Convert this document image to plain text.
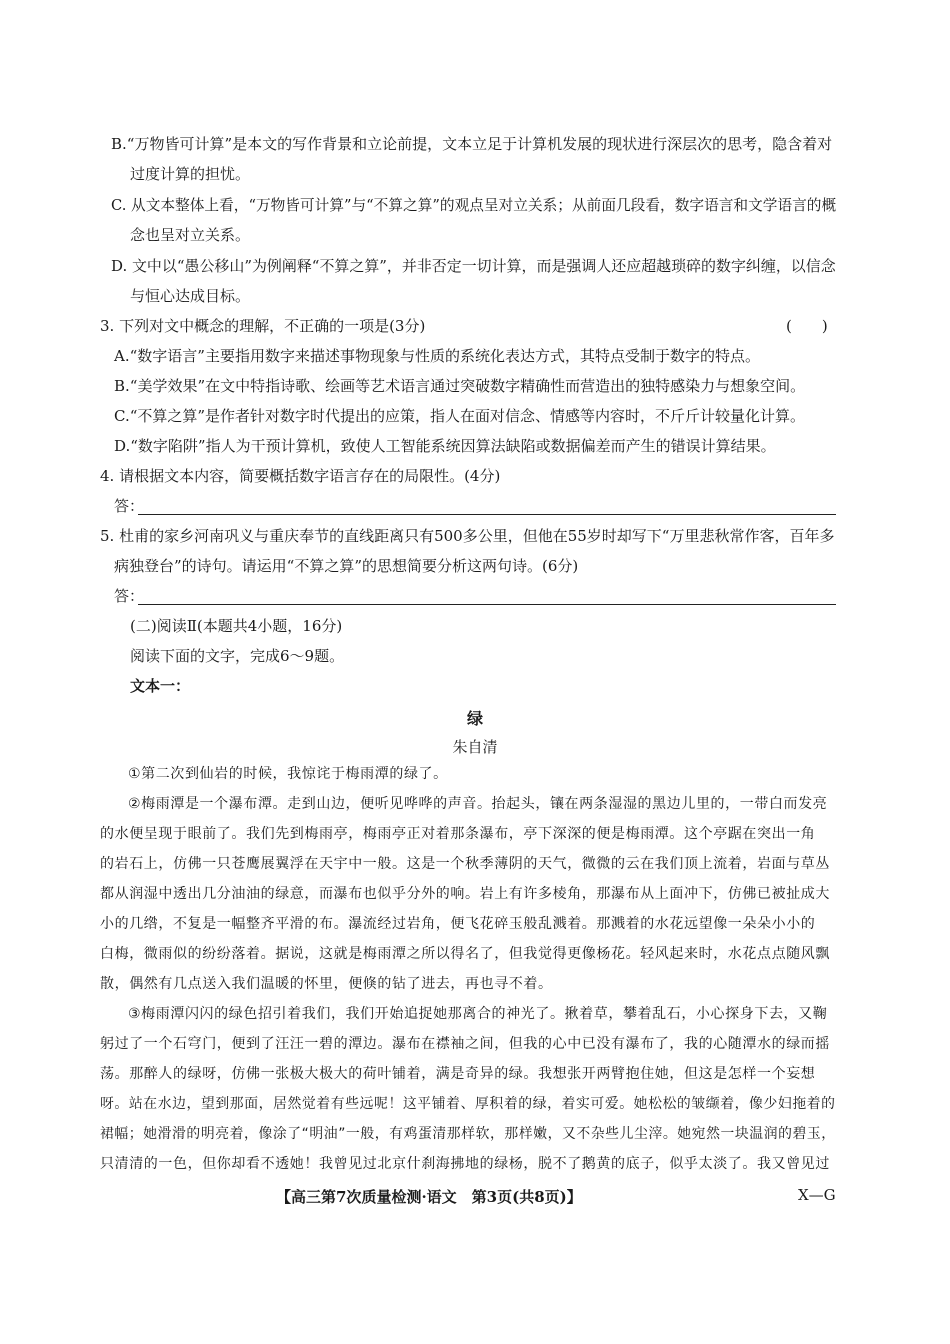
B.“万物皆可计算”是本文的写作背景和立论前提，文本立足于计算机发展的现状进行深层次的思考，隐含着对
过度计算的担忧。
C. 从文本整体上看，“万物皆可计算”与“不算之算”的观点呈对立关系；从前面几段看，数字语言和文学语言的概
念也呈对立关系。
D. 文中以“愚公移山”为例阐释“不算之算”，并非否定一切计算，而是强调人还应超越琐碎的数字纠缠，以信念
与恒心达成目标。
3. 下列对文中概念的理解，不正确的一项是(3分)	(　　)
A.“数字语言”主要指用数字来描述事物现象与性质的系统化表达方式，其特点受制于数字的特点。
B.“美学效果”在文中特指诗歌、绘画等艺术语言通过突破数字精确性而营造出的独特感染力与想象空间。
C.“不算之算”是作者针对数字时代提出的应策，指人在面对信念、情感等内容时，不斤斤计较量化计算。
D.“数字陷阱”指人为干预计算机，致使人工智能系统因算法缺陷或数据偏差而产生的错误计算结果。
4. 请根据文本内容，简要概括数字语言存在的局限性。(4分)
答：
5. 杜甫的家乡河南巩义与重庆奉节的直线距离只有500多公里，但他在55岁时却写下“万里悲秋常作客，百年多
病独登台”的诗句。请运用“不算之算”的思想简要分析这两句诗。(6分)
答：
(二)阅读Ⅱ(本题共4小题，16分)
阅读下面的文字，完成6～9题。
文本一：
绿
朱自清
①第二次到仙岩的时候，我惊诧于梅雨潭的绿了。
②梅雨潭是一个瀑布潭。走到山边，便听见哗哗的声音。抬起头，镶在两条湿湿的黑边儿里的，一带白而发亮
的水便呈现于眼前了。我们先到梅雨亭，梅雨亭正对着那条瀑布，亭下深深的便是梅雨潭。这个亭踞在突出一角
的岩石上，仿佛一只苍鹰展翼浮在天宇中一般。这是一个秋季薄阴的天气，微微的云在我们顶上流着，岩面与草丛
都从润湿中透出几分油油的绿意，而瀑布也似乎分外的响。岩上有许多棱角，那瀑布从上面冲下，仿佛已被扯成大
小的几绺，不复是一幅整齐平滑的布。瀑流经过岩角，便飞花碎玉般乱溅着。那溅着的水花远望像一朵朵小小的
白梅，微雨似的纷纷落着。据说，这就是梅雨潭之所以得名了，但我觉得更像杨花。轻风起来时，水花点点随风飘
散，偶然有几点送入我们温暖的怀里，便倏的钻了进去，再也寻不着。
③梅雨潭闪闪的绿色招引着我们，我们开始追捉她那离合的神光了。揪着草，攀着乱石，小心探身下去，又鞠
躬过了一个石穹门，便到了汪汪一碧的潭边。瀑布在襟袖之间，但我的心中已没有瀑布了，我的心随潭水的绿而摇
荡。那醉人的绿呀，仿佛一张极大极大的荷叶铺着，满是奇异的绿。我想张开两臂抱住她，但这是怎样一个妄想
呀。站在水边，望到那面，居然觉着有些远呢！这平铺着、厚积着的绿，着实可爱。她松松的皱缬着，像少妇拖着的
裙幅；她滑滑的明亮着，像涂了“明油”一般，有鸡蛋清那样软，那样嫩，又不杂些儿尘滓。她宛然一块温润的碧玉，
只清清的一色，但你却看不透她！我曾见过北京什刹海拂地的绿杨，脱不了鹅黄的底子，似乎太淡了。我又曾见过
【高三第7次质量检测·语文　第3页(共8页)】	X—G
